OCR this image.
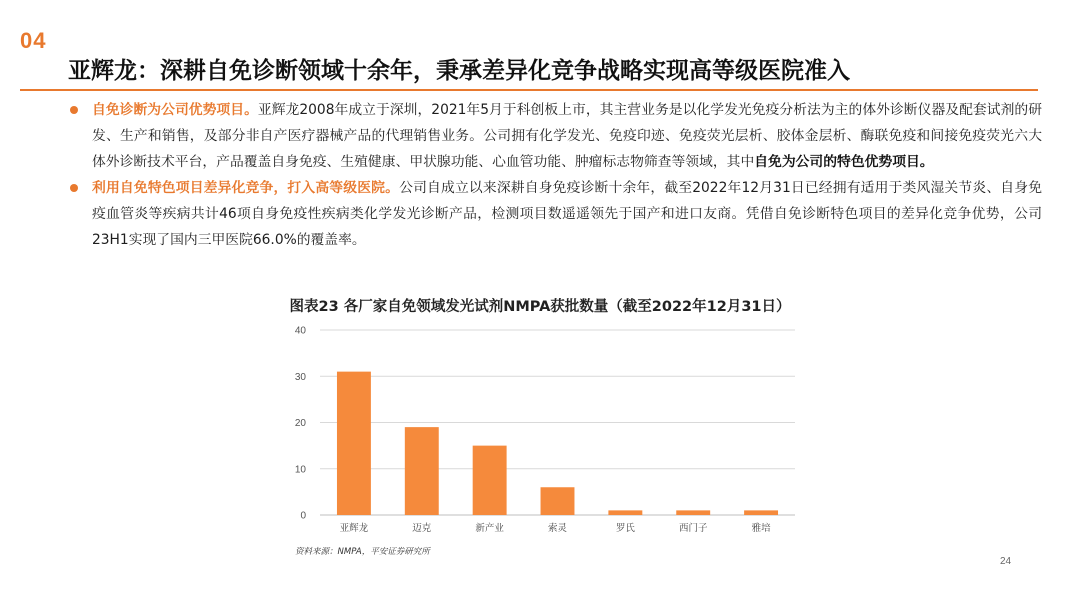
04
亚辉龙：深耕自免诊断领域十余年，秉承差异化竞争战略实现高等级医院准入
自免诊断为公司优势项目。亚辉龙2008年成立于深圳，2021年5月于科创板上市，其主营业务是以化学发光免疫分析法为主的体外诊断仪器及配套试剂的研发、生产和销售，及部分非自产医疗器械产品的代理销售业务。公司拥有化学发光、免疫印迹、免疫荧光层析、胶体金层析、酶联免疫和间接免疫荧光六大体外诊断技术平台，产品覆盖自身免疫、生殖健康、甲状腺功能、心血管功能、肿瘤标志物筛查等领域，其中自免为公司的特色优势项目。
利用自免特色项目差异化竞争，打入高等级医院。公司自成立以来深耕自身免疫诊断十余年，截至2022年12月31日已经拥有适用于类风湿关节炎、自身免疫血管炎等疾病共计46项自身免疫性疾病类化学发光诊断产品，检测项目数遥遥领先于国产和进口友商。凭借自免诊断特色项目的差异化竞争优势，公司23H1实现了国内三甲医院66.0%的覆盖率。
图表23 各厂家自免领域发光试剂NMPA获批数量（截至2022年12月31日）
0
10
20
30
40
亚辉龙	迈克	新产业	索灵	罗氏	西门子	雅培
资料来源：NMPA，平安证券研究所
24
